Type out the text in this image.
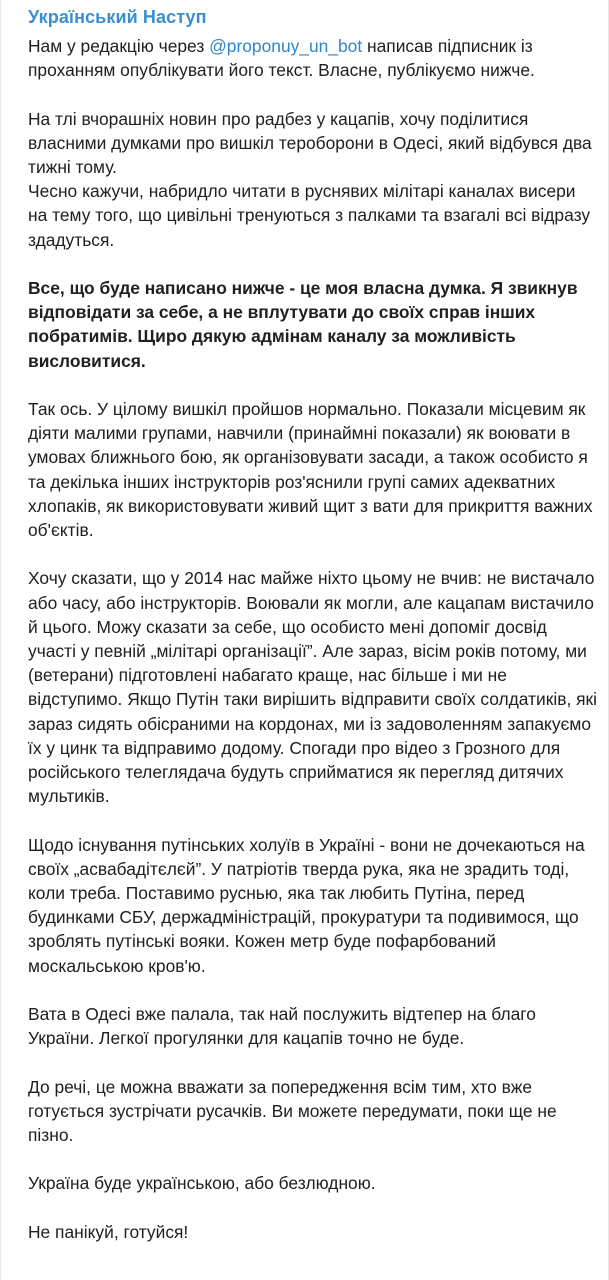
Український Наступ

Нам у редакцію через @proponuy_un_bot написав підписник із проханням опублікувати його текст. Власне, публікуємо нижче.

На тлі вчорашніх новин про радбез у кацапів, хочу поділитися власними думками про вишкіл тероборони в Одесі, який відбувся два тижні тому.

Чесно кажучи, набридло читати в руснявих мілітарі каналах висери на тему того, що цивільні тренуються з палками та взагалі всі відразу здадуться.

Все, що буде написано нижче - це моя власна думка. Я звикнув відповідати за себе, а не вплутувати до своїх справ інших побратимів. Щиро дякую адмінам каналу за можливість висловитися.

Так ось. У цілому вишкіл пройшов нормально. Показали місцевим як діяти малими групами, навчили (принаймні показали) як воювати в умовах ближнього бою, як організовувати засади, а також особисто я та декілька інших інструкторів роз'яснили групі самих адекватних хлопаків, як використовувати живий щит з вати для прикриття важних об'єктів.

Хочу сказати, що у 2014 нас майже ніхто цьому не вчив: не вистачало або часу, або інструкторів. Воювали як могли, але кацапам вистачило й цього. Можу сказати за себе, що особисто мені допоміг досвід участі у певній „мілітарі організації”. Але зараз, вісім років потому, ми (ветерани) підготовлені набагато краще, нас більше і ми не відступимо. Якщо Путін таки вирішить відправити своїх солдатиків, які зараз сидять обісраними на кордонах, ми із задоволенням запакуємо їх у цинк та відправимо додому. Спогади про відео з Грозного для російського телеглядача будуть сприйматися як перегляд дитячих мультиків.

Щодо існування путінських холуїв в Україні - вони не дочекаються на своїх „асвабадітєлєй”. У патріотів тверда рука, яка не зрадить тоді, коли треба. Поставимо руснью, яка так любить Путіна, перед будинками СБУ, держадміністрацій, прокуратури та подивимося, що зроблять путінські вояки. Кожен метр буде пофарбований москальською кров'ю.

Вата в Одесі вже палала, так най послужить відтепер на благо України. Легкої прогулянки для кацапів точно не буде.

До речі, це можна вважати за попередження всім тим, хто вже готується зустрічати русачків. Ви можете передумати, поки ще не пізно.

Україна буде українською, або безлюдною.

Не панікуй, готуйся!
